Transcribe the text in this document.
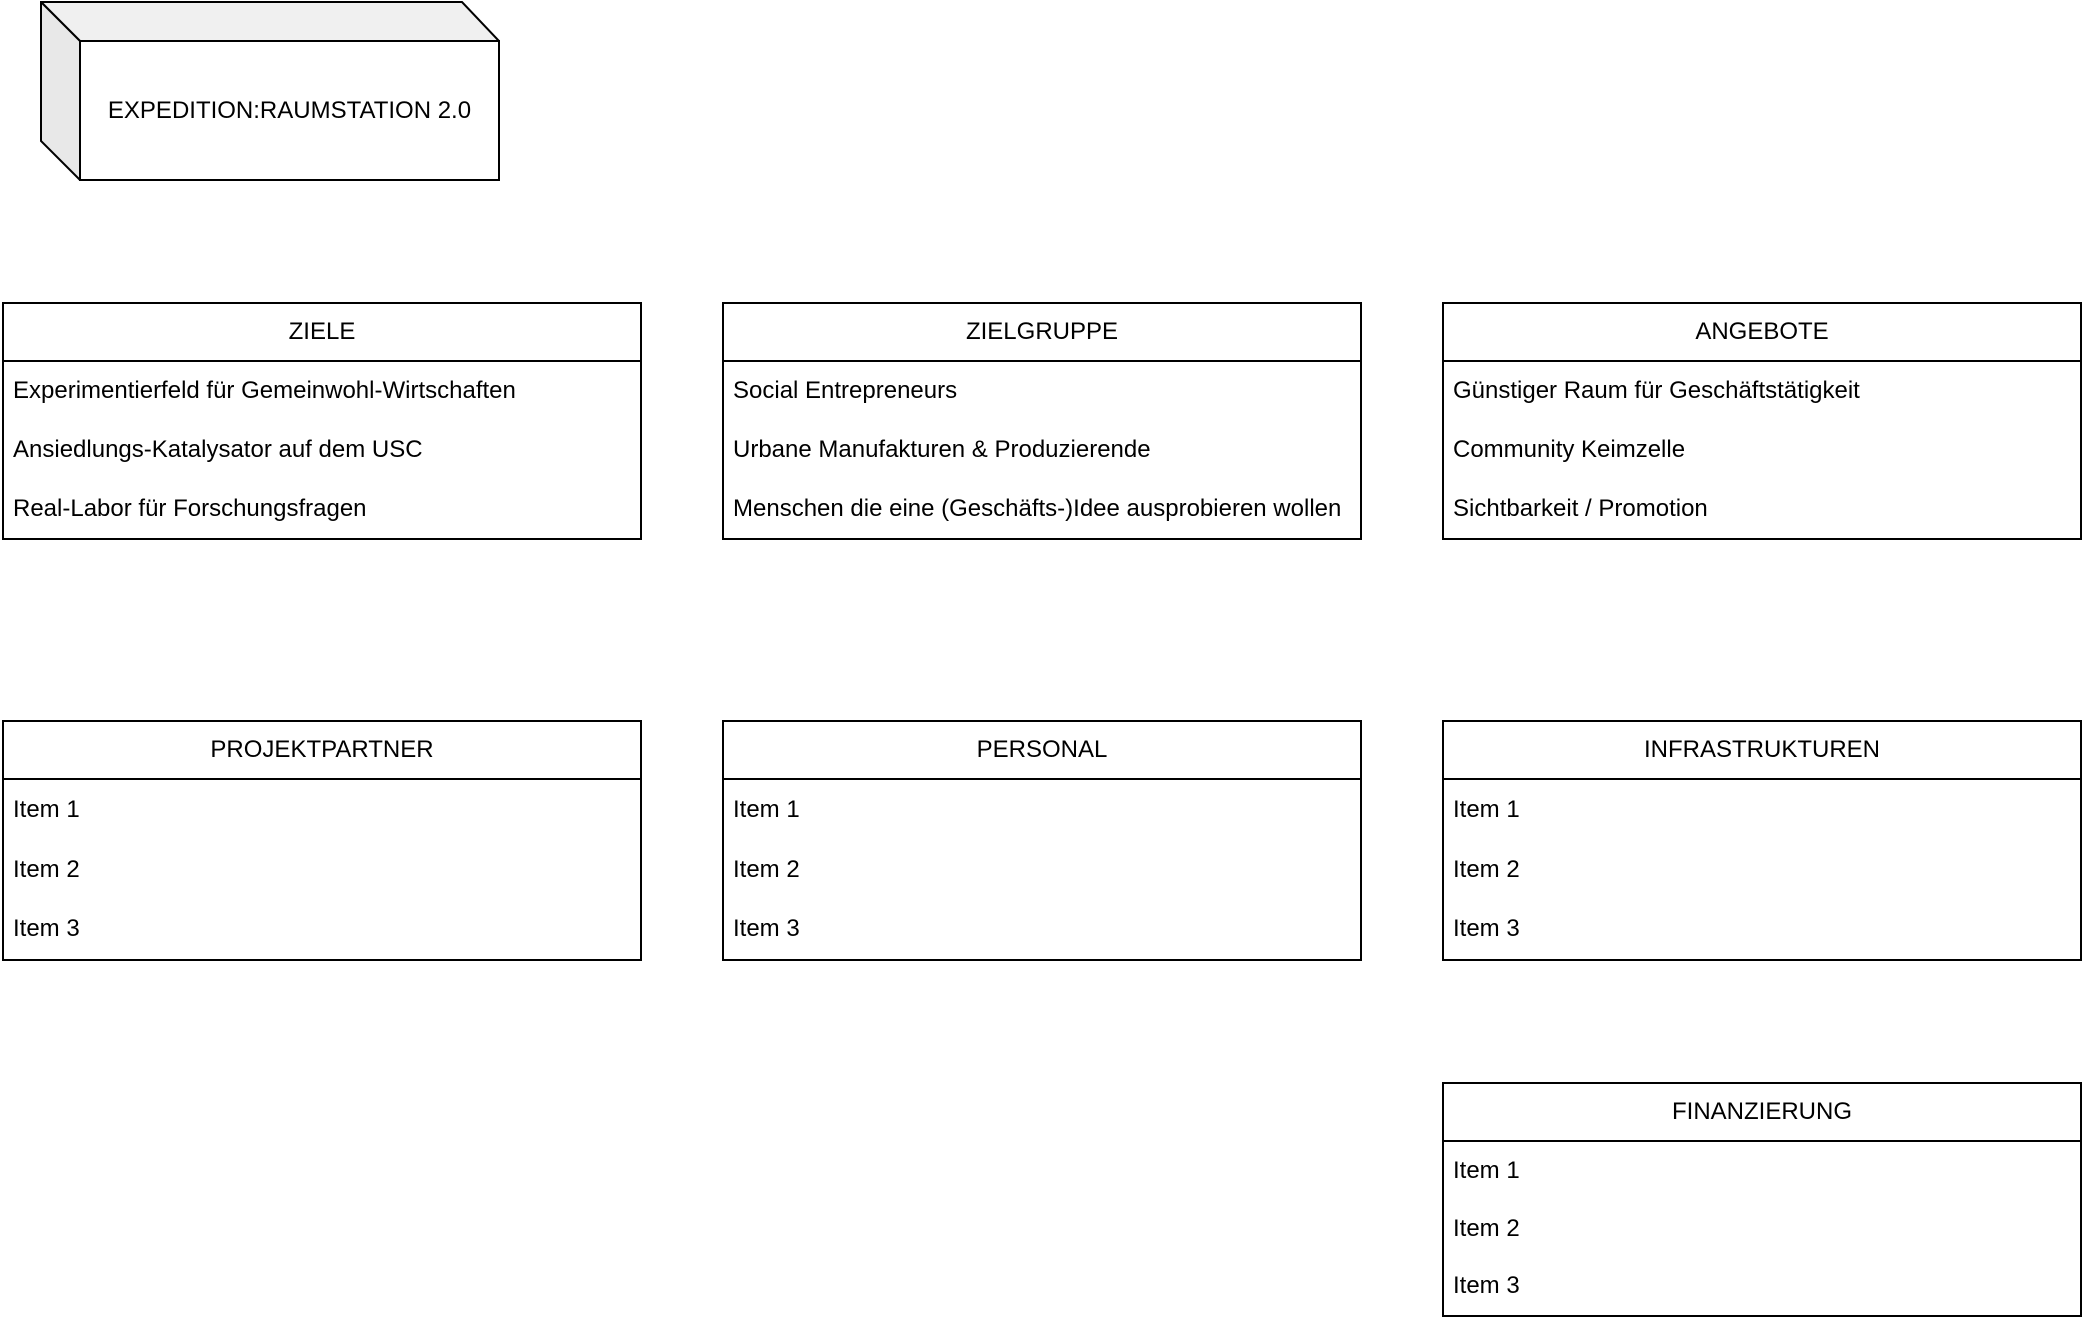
EXPEDITION:RAUMSTATION 2.0
ZIELE
Experimentierfeld für Gemeinwohl-Wirtschaften
Ansiedlungs-Katalysator auf dem USC
Real-Labor für Forschungsfragen
ZIELGRUPPE
Social Entrepreneurs
Urbane Manufakturen & Produzierende
Menschen die eine (Geschäfts-)Idee ausprobieren wollen
ANGEBOTE
Günstiger Raum für Geschäftstätigkeit
Community Keimzelle
Sichtbarkeit / Promotion
PROJEKTPARTNER
Item 1
Item 2
Item 3
PERSONAL
Item 1
Item 2
Item 3
INFRASTRUKTUREN
Item 1
Item 2
Item 3
FINANZIERUNG
Item 1
Item 2
Item 3
